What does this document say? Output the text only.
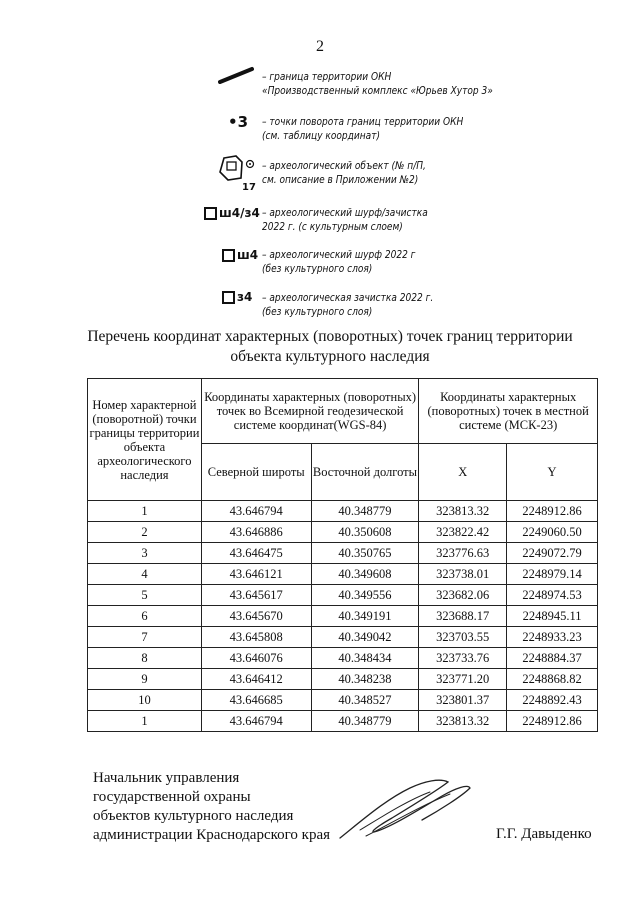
2
– граница территории ОКН
«Производственный комплекс «Юрьев Хутор 3»
•3 – точки поворота границ территории ОКН
(см. таблицу координат)
17
– археологический объект (№ п/П,
см. описание в Приложении №2)
ш4/з4 – археологический шурф/зачистка
2022 г. (с культурным слоем)
ш4 – археологический шурф 2022 г
(без культурного слоя)
з4 – археологическая зачистка 2022 г.
(без культурного слоя)
Перечень координат характерных (поворотных) точек границ территории
объекта культурного наследия
Номер характерной (поворотной) точки границы территории объекта археологического наследия	Координаты характерных (поворотных) точек во Всемирной геодезической системе координат(WGS-84)		Координаты характерных (поворотных) точек в местной системе (МСК-23)	
	Северной широты	Восточной долготы	X	Y
1	43.646794	40.348779	323813.32	2248912.86
2	43.646886	40.350608	323822.42	2249060.50
3	43.646475	40.350765	323776.63	2249072.79
4	43.646121	40.349608	323738.01	2248979.14
5	43.645617	40.349556	323682.06	2248974.53
6	43.645670	40.349191	323688.17	2248945.11
7	43.645808	40.349042	323703.55	2248933.23
8	43.646076	40.348434	323733.76	2248884.37
9	43.646412	40.348238	323771.20	2248868.82
10	43.646685	40.348527	323801.37	2248892.43
1	43.646794	40.348779	323813.32	2248912.86
Начальник управления
государственной охраны
объектов культурного наследия
администрации Краснодарского края	Г.Г. Давыденко
